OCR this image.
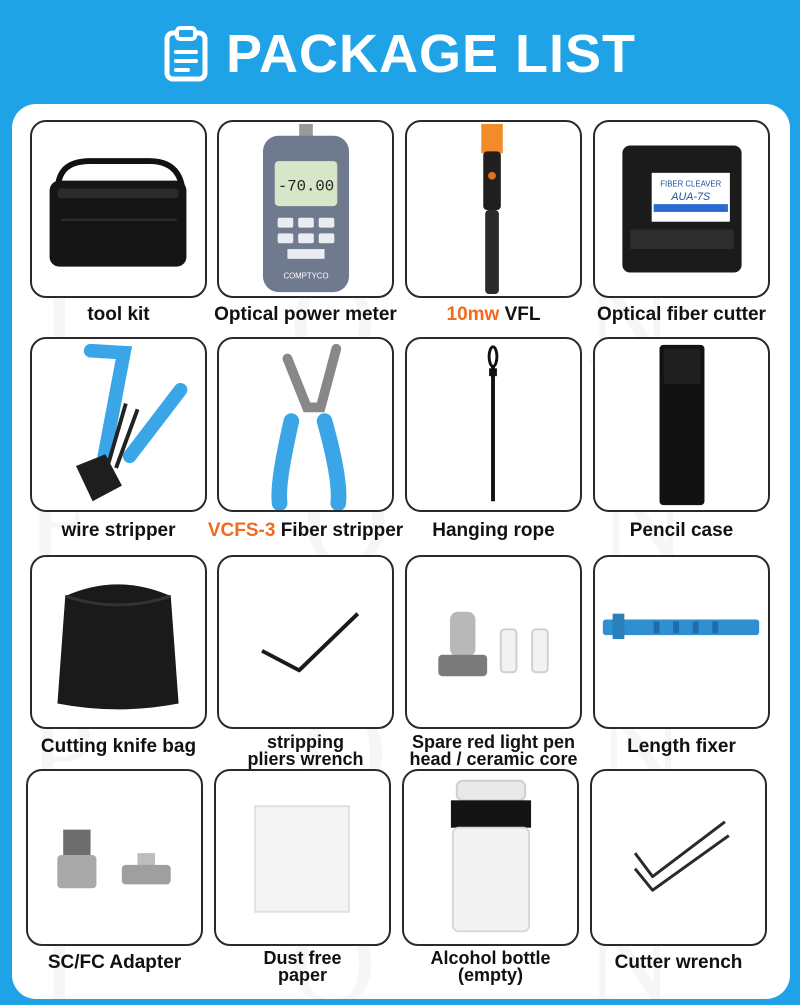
PACKAGE LIST
tool kit
-70.00
COMPTYCO
Optical power meter	10mw VFL
FIBER CLEAVER
AUA-7S
Optical fiber cutter
wire stripper	VCFS-3 Fiber stripper	Hanging rope	Pencil case
Cutting knife bag	stripping
pliers wrench
Spare red light pen
head / ceramic core
Length fixer
SC/FC Adapter	Dust free
paper
Alcohol bottle
(empty)
Cutter wrench
